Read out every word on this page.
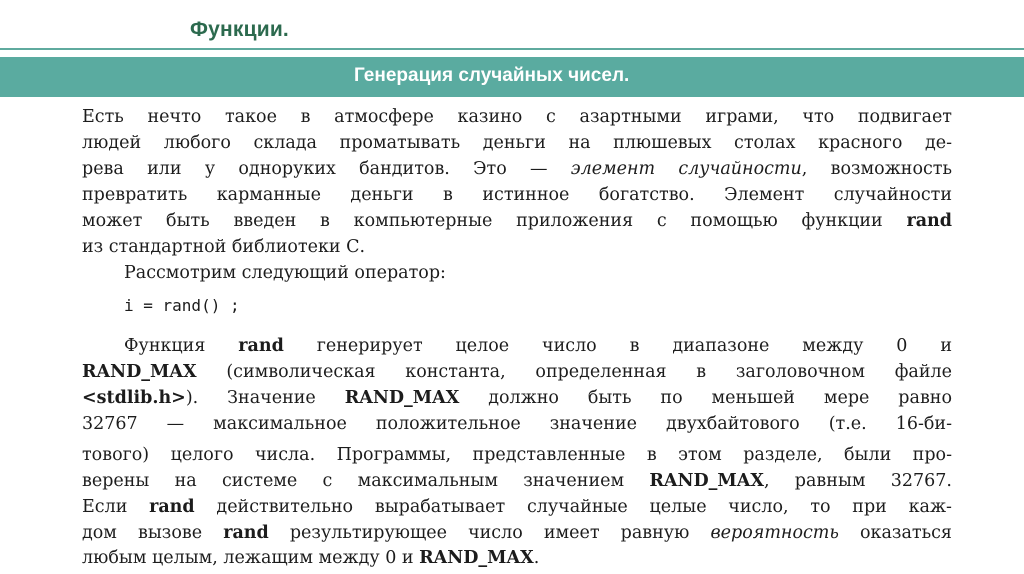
Функции.
Генерация случайных чисел.
Есть нечто такое в атмосфере казино с азартными играми, что подвигает
людей любого склада проматывать деньги на плюшевых столах красного де-
рева или у одноруких бандитов. Это — элемент случайности, возможность
превратить карманные деньги в истинное богатство. Элемент случайности
может быть введен в компьютерные приложения с помощью функции rand
из стандартной библиотеки С.
Рассмотрим следующий оператор:
i = rand() ;
Функция rand генерирует целое число в диапазоне между 0 и
RAND_MAX (символическая константа, определенная в заголовочном файле
<stdlib.h>). Значение RAND_MAX должно быть по меньшей мере равно
32767 — максимальное положительное значение двухбайтового (т.е. 16-би-
тового) целого числа. Программы, представленные в этом разделе, были про-
верены на системе с максимальным значением RAND_MAX, равным 32767.
Если rand действительно вырабатывает случайные целые число, то при каж-
дом вызове rand результирующее число имеет равную вероятность оказаться
любым целым, лежащим между 0 и RAND_MAX.
